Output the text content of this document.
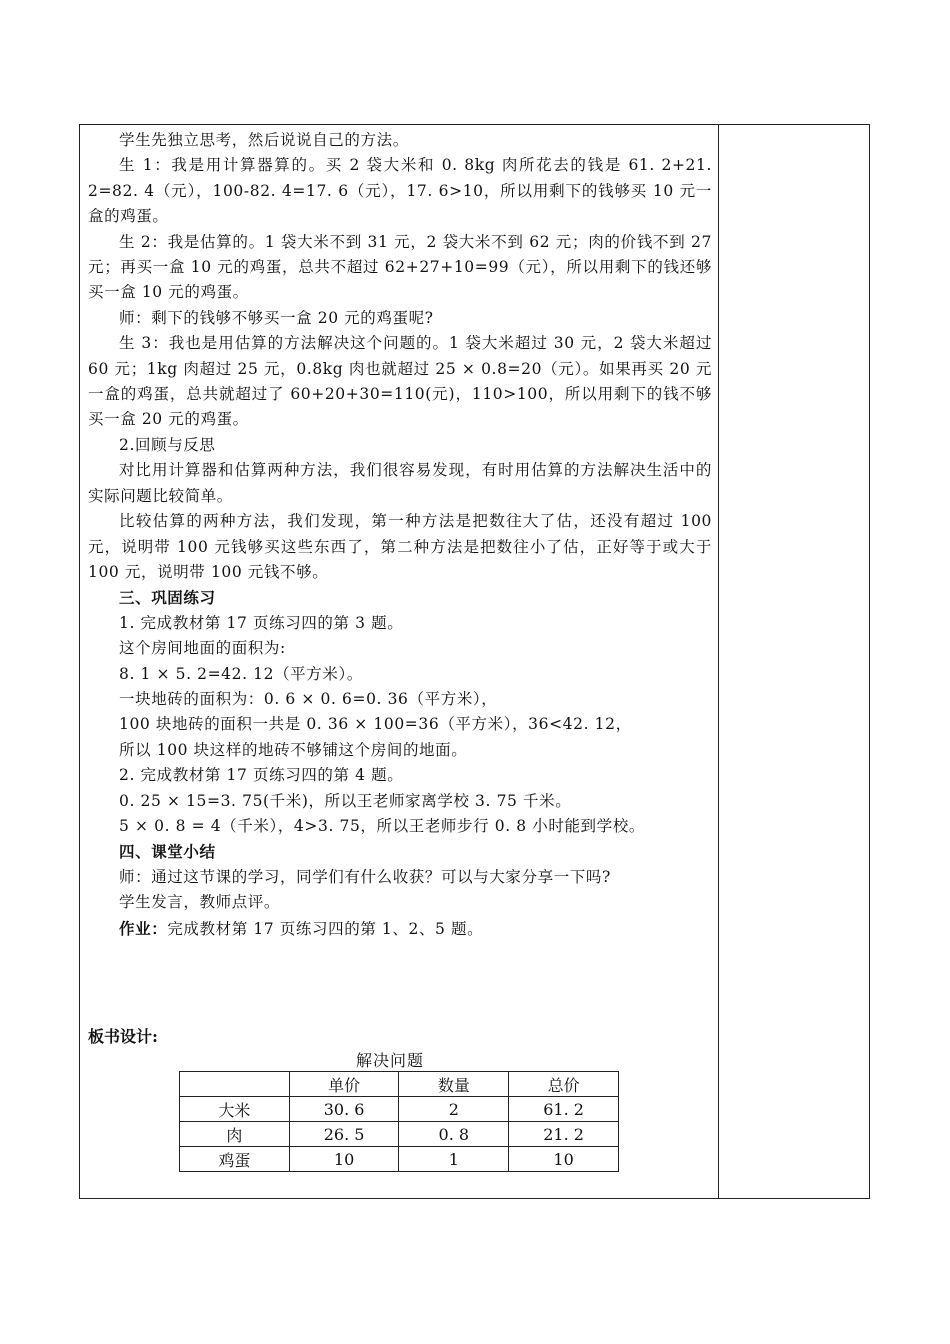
学生先独立思考，然后说说自己的方法。

生 1：我是用计算器算的。买 2 袋大米和 0. 8kg 肉所花去的钱是 61. 2+21. 2=82. 4（元），100-82. 4=17. 6（元），17. 6>10，所以用剩下的钱够买 10 元一盒的鸡蛋。

生 2：我是估算的。1 袋大米不到 31 元，2 袋大米不到 62 元；肉的价钱不到 27 元；再买一盒 10 元的鸡蛋，总共不超过 62+27+10=99（元），所以用剩下的钱还够买一盒 10 元的鸡蛋。

师：剩下的钱够不够买一盒 20 元的鸡蛋呢?

生 3：我也是用估算的方法解决这个问题的。1 袋大米超过 30 元，2 袋大米超过 60 元；1kg 肉超过 25 元，0.8kg 肉也就超过 25 × 0.8=20（元）。如果再买 20 元一盒的鸡蛋，总共就超过了 60+20+30=110(元)，110>100，所以用剩下的钱不够买一盒 20 元的鸡蛋。

2.回顾与反思

对比用计算器和估算两种方法，我们很容易发现，有时用估算的方法解决生活中的实际问题比较简单。

比较估算的两种方法，我们发现，第一种方法是把数往大了估，还没有超过 100 元，说明带 100 元钱够买这些东西了，第二种方法是把数往小了估，正好等于或大于 100 元，说明带 100 元钱不够。

三、巩固练习

1. 完成教材第 17 页练习四的第 3 题。

这个房间地面的面积为:

8. 1 × 5. 2=42. 12（平方米）。

一块地砖的面积为：0. 6 × 0. 6=0. 36（平方米），

100 块地砖的面积一共是 0. 36 × 100=36（平方米），36<42. 12，

所以 100 块这样的地砖不够铺这个房间的地面。

2. 完成教材第 17 页练习四的第 4 题。

0. 25 × 15=3. 75(千米)，所以王老师家离学校 3. 75 千米。

5 × 0. 8 = 4（千米），4>3. 75，所以王老师步行 0. 8 小时能到学校。

四、课堂小结

师：通过这节课的学习，同学们有什么收获？可以与大家分享一下吗?

学生发言，教师点评。

作业：完成教材第 17 页练习四的第 1、2、5 题。

板书设计:
解决问题
	单价	数量	总价
大米	30. 6	2	61. 2
肉	26. 5	0. 8	21. 2
鸡蛋	10	1	10
